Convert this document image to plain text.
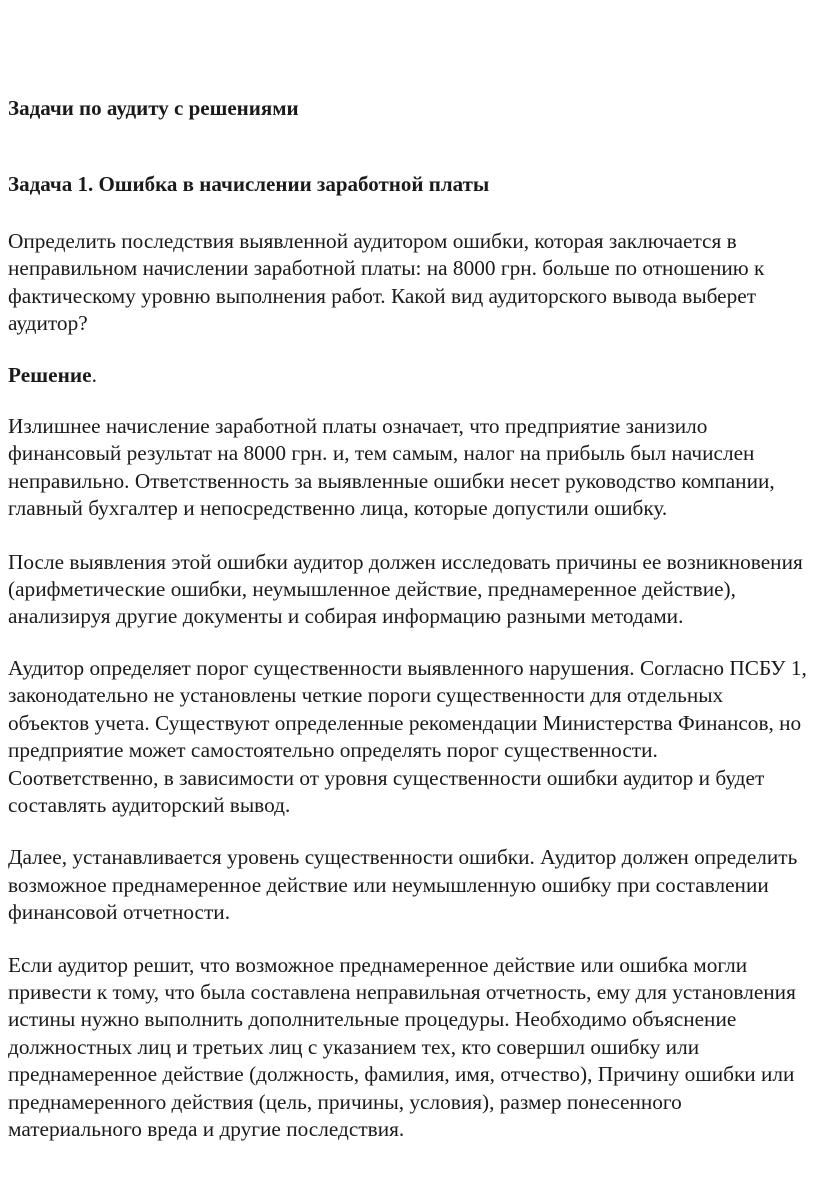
Задачи по аудиту с решениями

Задача 1. Ошибка в начислении заработной платы

Определить последствия выявленной аудитором ошибки, которая заключается в неправильном начислении заработной платы: на 8000 грн. больше по отношению к фактическому уровню выполнения работ. Какой вид аудиторского вывода выберет аудитор?

Решение.

Излишнее начисление заработной платы означает, что предприятие занизило финансовый результат на 8000 грн. и, тем самым, налог на прибыль был начислен неправильно. Ответственность за выявленные ошибки несет руководство компании, главный бухгалтер и непосредственно лица, которые допустили ошибку.

После выявления этой ошибки аудитор должен исследовать причины ее возникновения (арифметические ошибки, неумышленное действие, преднамеренное действие), анализируя другие документы и собирая информацию разными методами.

Аудитор определяет порог существенности выявленного нарушения. Согласно ПСБУ 1, законодательно не установлены четкие пороги существенности для отдельных объектов учета. Существуют определенные рекомендации Министерства Финансов, но предприятие может самостоятельно определять порог существенности. Соответственно, в зависимости от уровня существенности ошибки аудитор и будет составлять аудиторский вывод.

Далее, устанавливается уровень существенности ошибки. Аудитор должен определить возможное преднамеренное действие или неумышленную ошибку при составлении финансовой отчетности.

Если аудитор решит, что возможное преднамеренное действие или ошибка могли привести к тому, что была составлена неправильная отчетность, ему для установления истины нужно выполнить дополнительные процедуры. Необходимо объяснение должностных лиц и третьих лиц с указанием тех, кто совершил ошибку или преднамеренное действие (должность, фамилия, имя, отчество), Причину ошибки или преднамеренного действия (цель, причины, условия), размер понесенного материального вреда и другие последствия.
